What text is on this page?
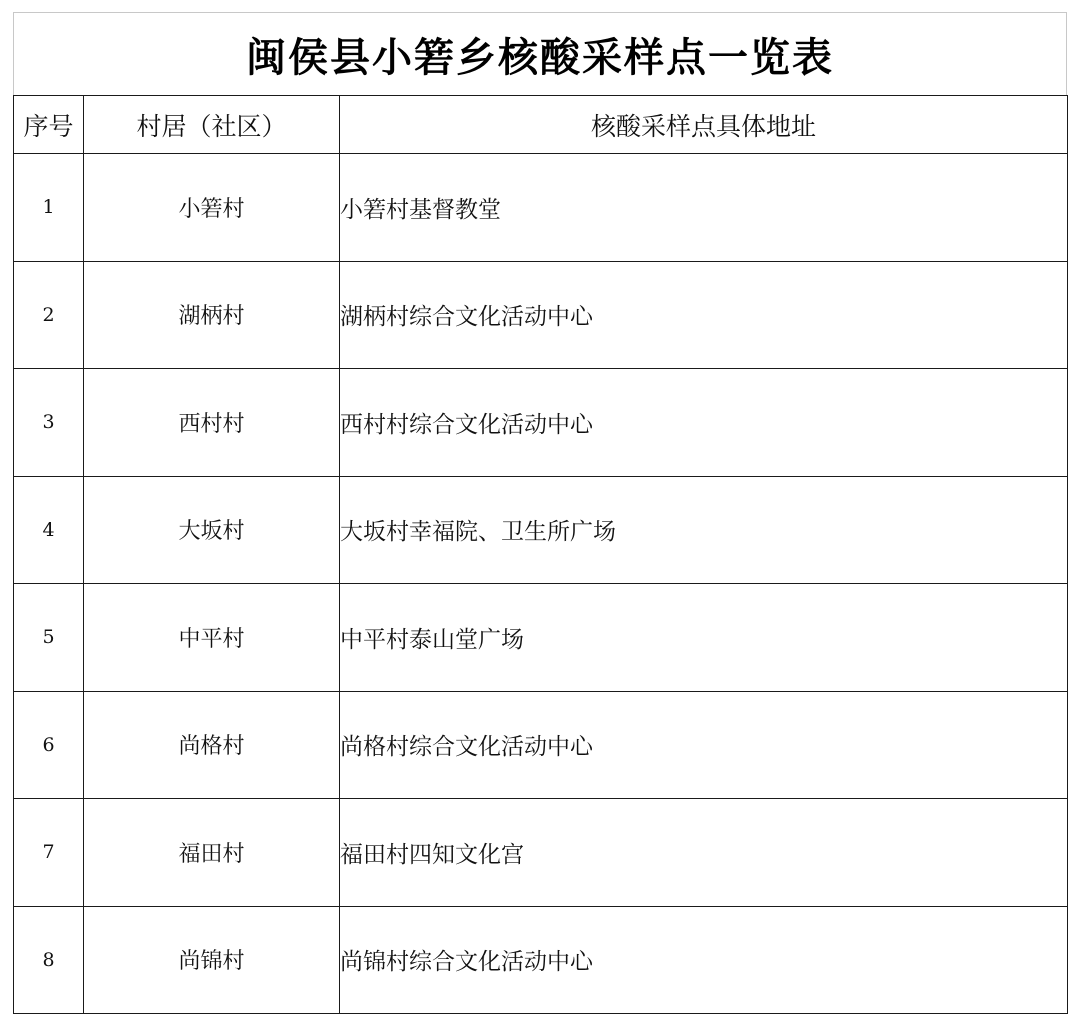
闽侯县小箬乡核酸采样点一览表
序号	村居（社区）	核酸采样点具体地址
1	小箬村	小箬村基督教堂
2	湖柄村	湖柄村综合文化活动中心
3	西村村	西村村综合文化活动中心
4	大坂村	大坂村幸福院、卫生所广场
5	中平村	中平村泰山堂广场
6	尚格村	尚格村综合文化活动中心
7	福田村	福田村四知文化宫
8	尚锦村	尚锦村综合文化活动中心
